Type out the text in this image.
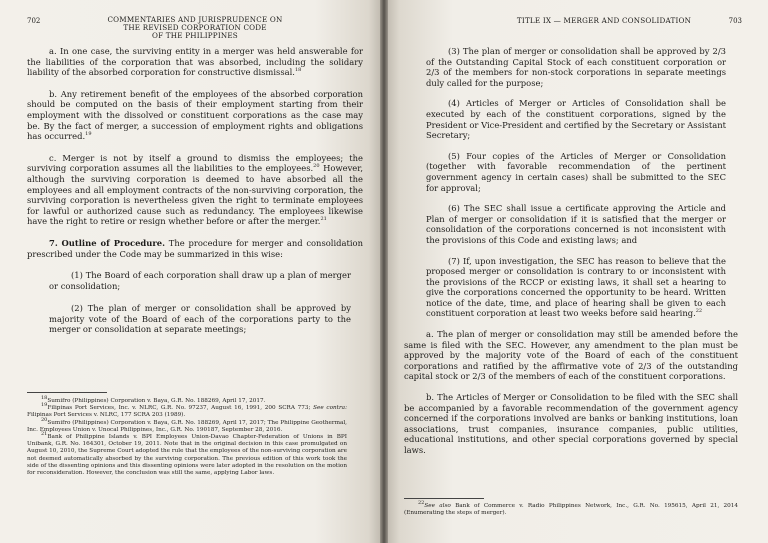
702	COMMENTARIES AND JURISPRUDENCE ON
THE REVISED CORPORATION CODE
OF THE PHILIPPINES

a. In one case, the surviving entity in a merger was held answerable for the liabilities of the corporation that was absorbed, including the solidary liability of the absorbed corporation for constructive dismissal.$^{18}$

b. Any retirement benefit of the employees of the absorbed corporation should be computed on the basis of their employment starting from their employment with the dissolved or constituent corporations as the case may be. By the fact of merger, a succession of employment rights and obligations has occurred.$^{19}$

c. Merger is not by itself a ground to dismiss the employees; the surviving corporation assumes all the liabilities to the employees.$^{20}$ However, although the surviving corporation is deemed to have absorbed all the employees and all employment contracts of the non-surviving corporation, the surviving corporation is nevertheless given the right to terminate employees for lawful or authorized cause such as redundancy. The employees likewise have the right to retire or resign whether before or after the merger.$^{21}$

7. Outline of Procedure. The procedure for merger and consolidation prescribed under the Code may be summarized in this wise:

(1) The Board of each corporation shall draw up a plan of merger or consolidation;

(2) The plan of merger or consolidation shall be approved by majority vote of the Board of each of the corporations party to the merger or consolidation at separate meetings;

$^{18}$Sumifro (Philippines) Corporation v. Baya, G.R. No. 188269, April 17, 2017.

$^{19}$Filipinas Port Services, Inc. v. NLRC, G.R. No. 97237, August 16, 1991, 200 SCRA 773; See contra: Filipinas Port Services v. NLRC, 177 SCRA 203 (1989).

$^{20}$Sumifro (Philippines) Corporation v. Baya, G.R. No. 188269, April 17, 2017; The Philippine Geothermal, Inc. Employees Union v. Unocal Philippines, Inc., G.R. No. 190187, September 28, 2016.

$^{21}$Bank of Philippine Islands v. BPI Employees Union-Davao Chapter-Federation of Unions in BPI Unibank, G.R. No. 164301, October 19, 2011. Note that in the original decision in this case promulgated on August 10, 2010, the Supreme Court adopted the rule that the employees of the non-surviving corporation are not deemed automatically absorbed by the surviving corporation. The previous edition of this work took the side of the dissenting opinions and this dissenting opinions were later adopted in the resolution on the motion for reconsideration. However, the conclusion was still the same, applying Labor laws.

TITLE IX — MERGER AND CONSOLIDATION	703

(3) The plan of merger or consolidation shall be approved by 2/3 of the Outstanding Capital Stock of each constituent corporation or 2/3 of the members for non-stock corporations in separate meetings duly called for the purpose;

(4) Articles of Merger or Articles of Consolidation shall be executed by each of the constituent corporations, signed by the President or Vice-President and certified by the Secretary or Assistant Secretary;

(5) Four copies of the Articles of Merger or Consolidation (together with favorable recommendation of the pertinent government agency in certain cases) shall be submitted to the SEC for approval;

(6) The SEC shall issue a certificate approving the Article and Plan of merger or consolidation if it is satisfied that the merger or consolidation of the corporations concerned is not inconsistent with the provisions of this Code and existing laws; and

(7) If, upon investigation, the SEC has reason to believe that the proposed merger or consolidation is contrary to or inconsistent with the provisions of the RCCP or existing laws, it shall set a hearing to give the corporations concerned the opportunity to be heard. Written notice of the date, time, and place of hearing shall be given to each constituent corporation at least two weeks before said hearing.$^{22}$

a. The plan of merger or consolidation may still be amended before the same is filed with the SEC. However, any amendment to the plan must be approved by the majority vote of the Board of each of the constituent corporations and ratified by the affirmative vote of 2/3 of the outstanding capital stock or 2/3 of the members of each of the constituent corporations.

b. The Articles of Merger or Consolidation to be filed with the SEC shall be accompanied by a favorable recommendation of the government agency concerned if the corporations involved are banks or banking institutions, loan associations, trust companies, insurance companies, public utilities, educational institutions, and other special corporations governed by special laws.

$^{22}$See also Bank of Commerce v. Radio Philippines Network, Inc., G.R. No. 195615, April 21, 2014 (Enumerating the steps of merger).
